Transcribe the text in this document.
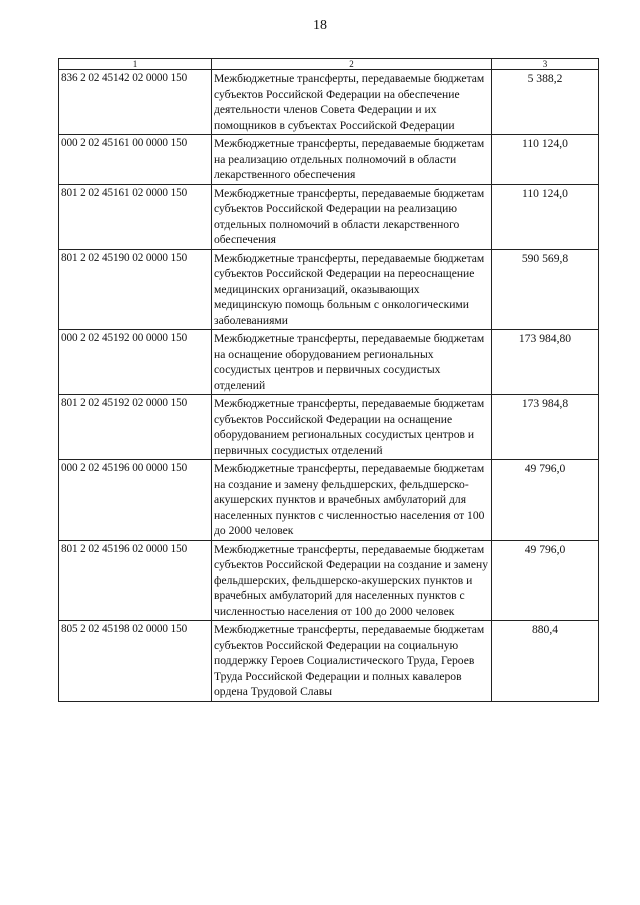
18
1	2	3
836 2 02 45142 02 0000 150	Межбюджетные трансферты, передаваемые бюджетам субъектов Российской Федерации на обеспечение деятельности членов Совета Федерации и их помощников в субъектах Российской Федерации	5 388,2
000 2 02 45161 00 0000 150	Межбюджетные трансферты, передаваемые бюджетам на реализацию отдельных полномочий в области лекарственного обеспечения	110 124,0
801 2 02 45161 02 0000 150	Межбюджетные трансферты, передаваемые бюджетам субъектов Российской Федерации на реализацию отдельных полномочий в области лекарственного обеспечения	110 124,0
801 2 02 45190 02 0000 150	Межбюджетные трансферты, передаваемые бюджетам субъектов Российской Федерации на переоснащение медицинских организаций, оказывающих медицинскую помощь больным с онкологическими заболеваниями	590 569,8
000 2 02 45192 00 0000 150	Межбюджетные трансферты, передаваемые бюджетам на оснащение оборудованием региональных сосудистых центров и первичных сосудистых отделений	173 984,80
801 2 02 45192 02 0000 150	Межбюджетные трансферты, передаваемые бюджетам субъектов Российской Федерации на оснащение оборудованием региональных сосудистых центров и первичных сосудистых отделений	173 984,8
000 2 02 45196 00 0000 150	Межбюджетные трансферты, передаваемые бюджетам на создание и замену фельдшерских, фельдшерско-акушерских пунктов и врачебных амбулаторий для населенных пунктов с численностью населения от 100 до 2000 человек	49 796,0
801 2 02 45196 02 0000 150	Межбюджетные трансферты, передаваемые бюджетам субъектов Российской Федерации на создание и замену фельдшерских, фельдшерско-акушерских пунктов и врачебных амбулаторий для населенных пунктов с численностью населения от 100 до 2000 человек	49 796,0
805 2 02 45198 02 0000 150	Межбюджетные трансферты, передаваемые бюджетам субъектов Российской Федерации на социальную поддержку Героев Социалистического Труда, Героев Труда Российской Федерации и полных кавалеров ордена Трудовой Славы	880,4
